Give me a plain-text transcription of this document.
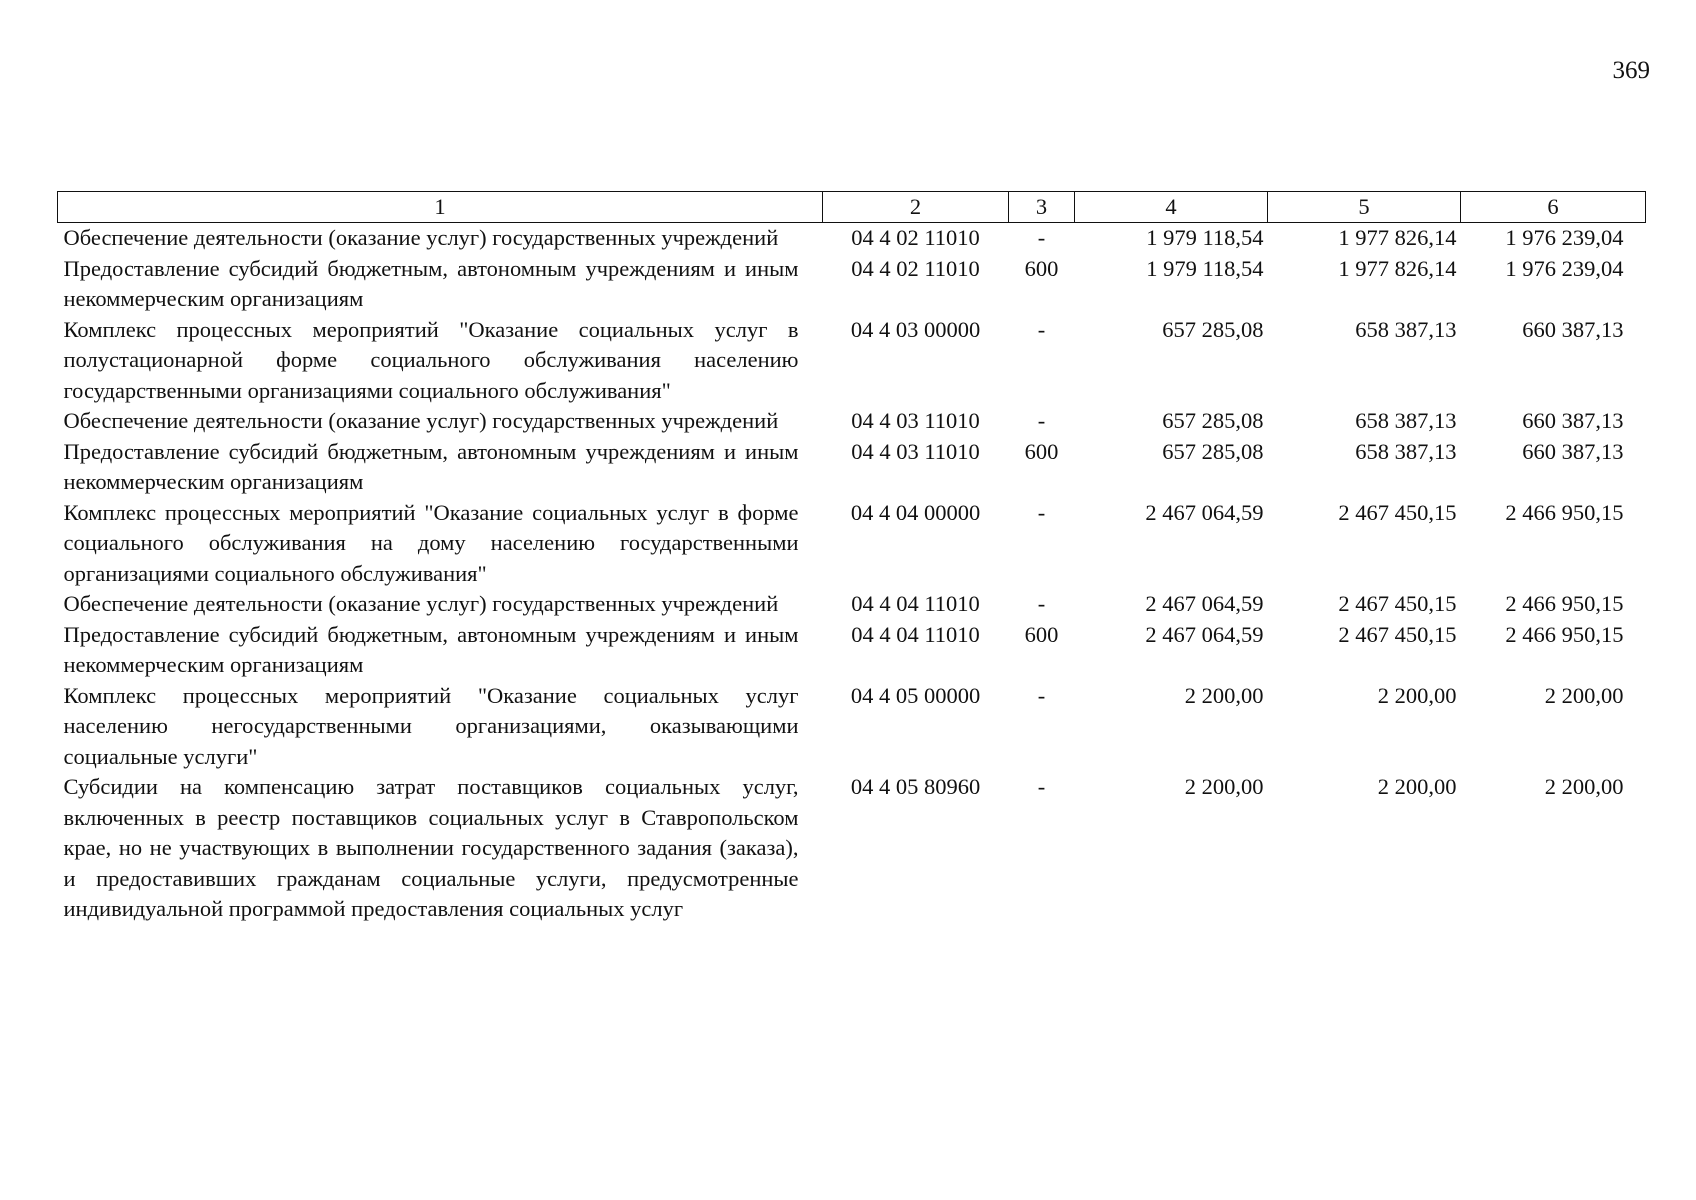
369
1	2	3	4	5	6
Обеспечение деятельности (оказание услуг) государственных учреждений	04 4 02 11010	-	1 979 118,54	1 977 826,14	1 976 239,04
Предоставление субсидий бюджетным, автономным учреждениям и иным некоммерческим организациям	04 4 02 11010	600	1 979 118,54	1 977 826,14	1 976 239,04
Комплекс процессных мероприятий "Оказание социальных услуг в полустационарной форме социального обслуживания населению государственными организациями социального обслуживания"	04 4 03 00000	-	657 285,08	658 387,13	660 387,13
Обеспечение деятельности (оказание услуг) государственных учреждений	04 4 03 11010	-	657 285,08	658 387,13	660 387,13
Предоставление субсидий бюджетным, автономным учреждениям и иным некоммерческим организациям	04 4 03 11010	600	657 285,08	658 387,13	660 387,13
Комплекс процессных мероприятий "Оказание социальных услуг в форме социального обслуживания на дому населению государственными организациями социального обслуживания"	04 4 04 00000	-	2 467 064,59	2 467 450,15	2 466 950,15
Обеспечение деятельности (оказание услуг) государственных учреждений	04 4 04 11010	-	2 467 064,59	2 467 450,15	2 466 950,15
Предоставление субсидий бюджетным, автономным учреждениям и иным некоммерческим организациям	04 4 04 11010	600	2 467 064,59	2 467 450,15	2 466 950,15
Комплекс процессных мероприятий "Оказание социальных услуг населению негосударственными организациями, оказывающими социальные услуги"	04 4 05 00000	-	2 200,00	2 200,00	2 200,00
Субсидии на компенсацию затрат поставщиков социальных услуг, включенных в реестр поставщиков социальных услуг в Ставропольском крае, но не участвующих в выполнении государственного задания (заказа), и предоставивших гражданам социальные услуги, предусмотренные индивидуальной программой предоставления социальных услуг	04 4 05 80960	-	2 200,00	2 200,00	2 200,00
